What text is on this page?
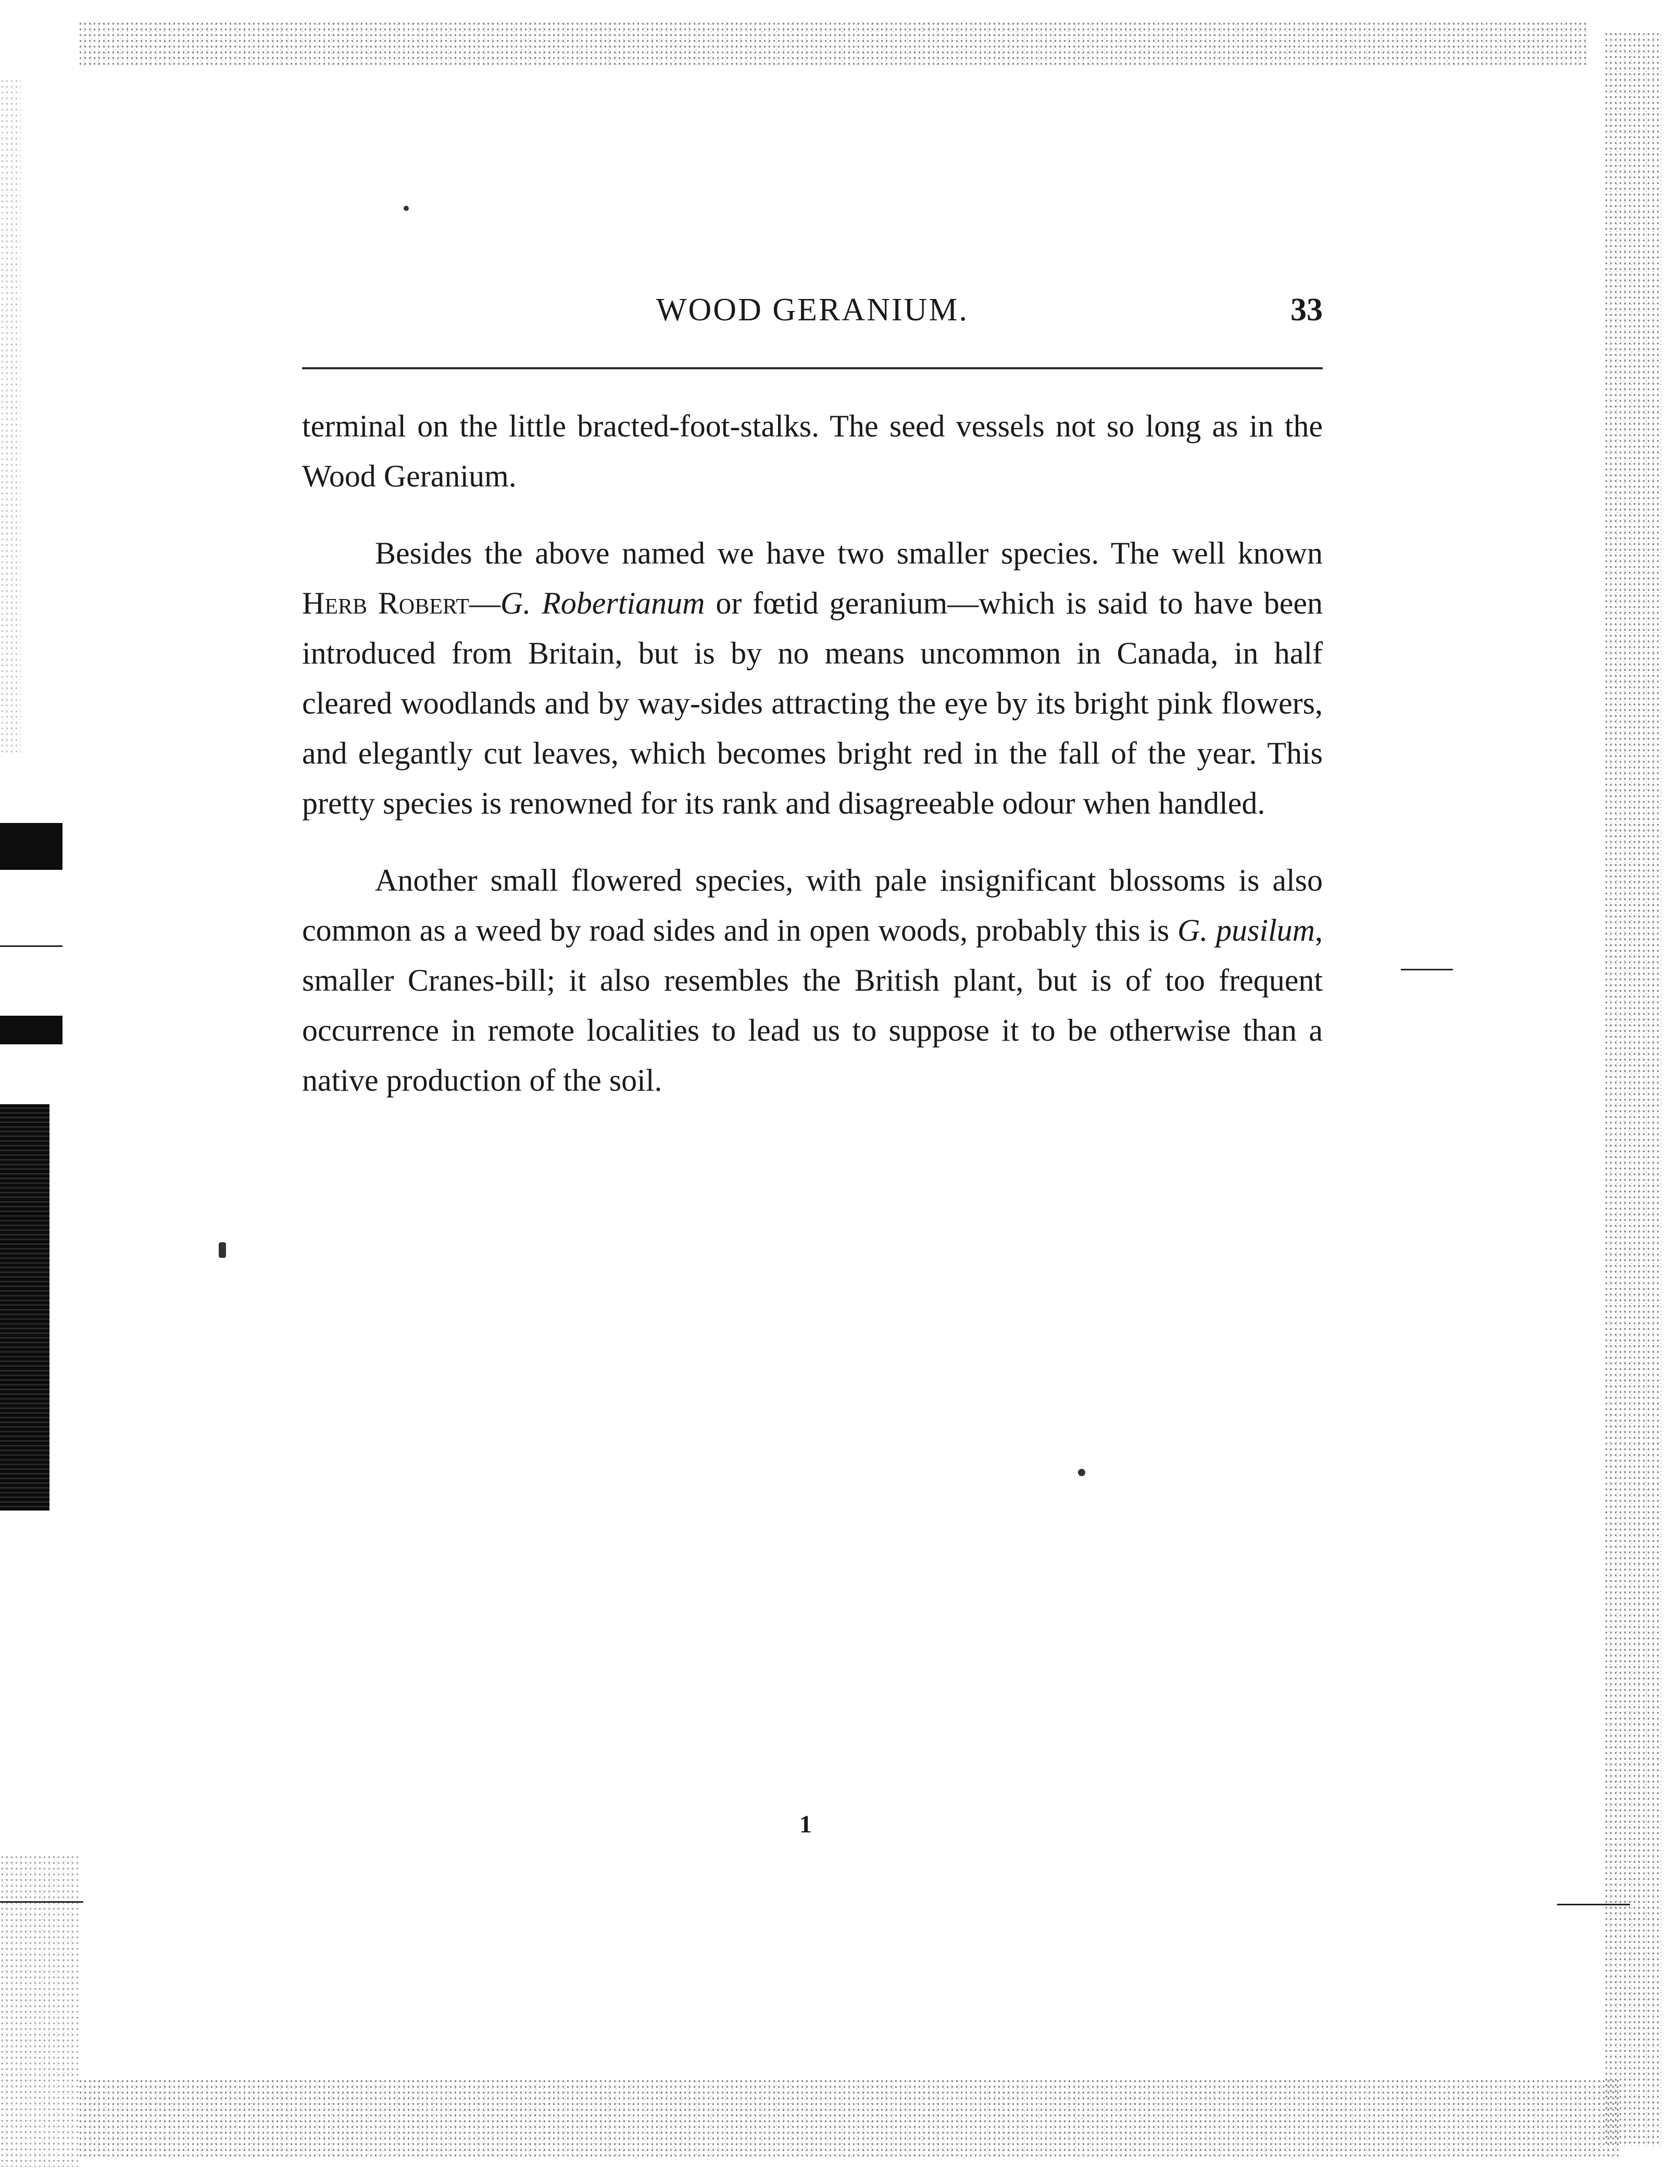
WOOD GERANIUM.	33

terminal on the little bracted-foot-stalks. The seed vessels not so long as in the Wood Geranium.

Besides the above named we have two smaller species. The well known Herb Robert—G. Robertianum or fœtid geranium—which is said to have been introduced from Britain, but is by no means uncommon in Canada, in half cleared woodlands and by way-sides attracting the eye by its bright pink flowers, and elegantly cut leaves, which becomes bright red in the fall of the year. This pretty species is renowned for its rank and disagreeable odour when handled.

Another small flowered species, with pale insignificant blossoms is also common as a weed by road sides and in open woods, probably this is G. pusilum, smaller Cranes-bill; it also resembles the British plant, but is of too frequent occurrence in remote localities to lead us to suppose it to be otherwise than a native production of the soil.

1
